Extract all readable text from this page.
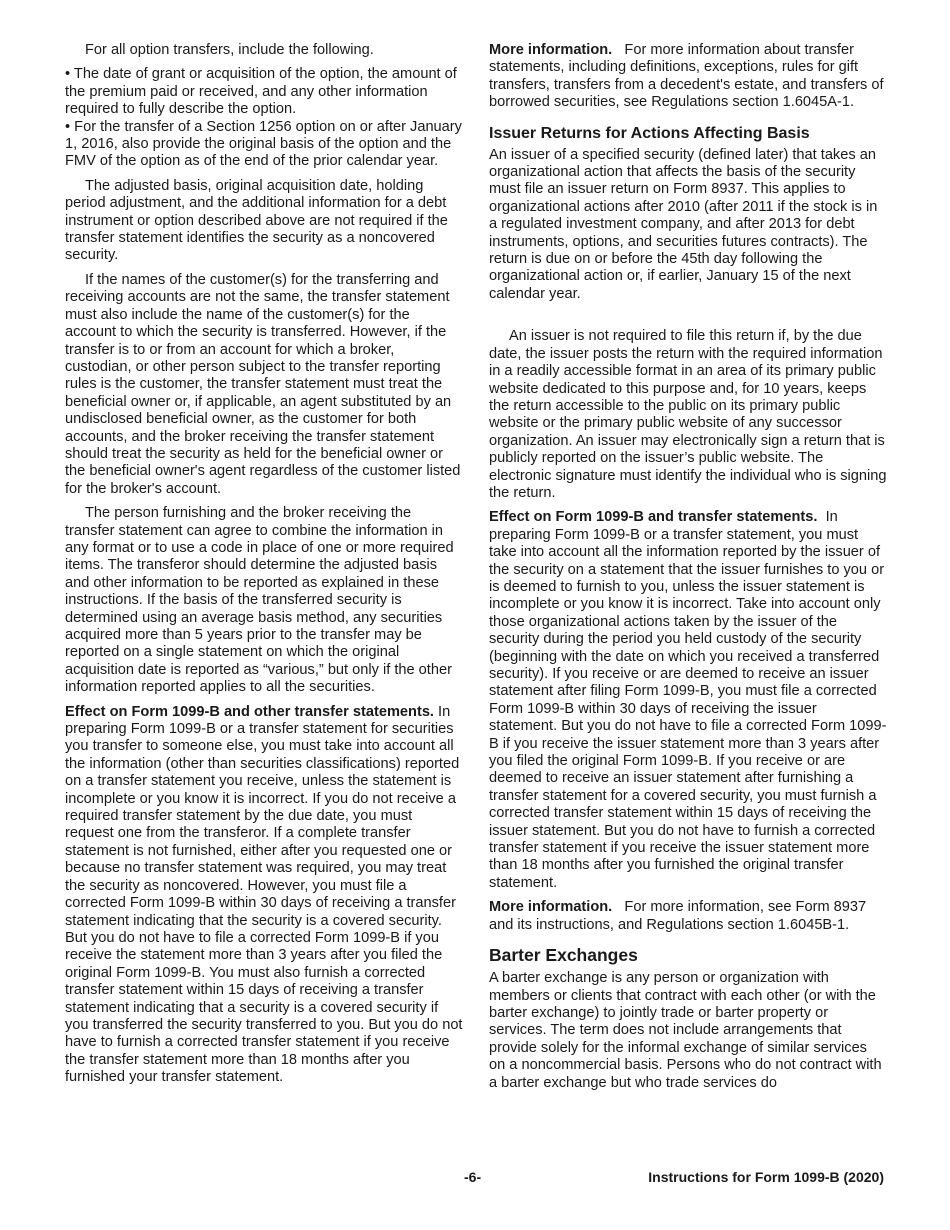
For all option transfers, include the following.

• The date of grant or acquisition of the option, the amount of the premium paid or received, and any other information required to fully describe the option.

• For the transfer of a Section 1256 option on or after January 1, 2016, also provide the original basis of the option and the FMV of the option as of the end of the prior calendar year.

The adjusted basis, original acquisition date, holding period adjustment, and the additional information for a debt instrument or option described above are not required if the transfer statement identifies the security as a noncovered security.

If the names of the customer(s) for the transferring and receiving accounts are not the same, the transfer statement must also include the name of the customer(s) for the account to which the security is transferred. However, if the transfer is to or from an account for which a broker, custodian, or other person subject to the transfer reporting rules is the customer, the transfer statement must treat the beneficial owner or, if applicable, an agent substituted by an undisclosed beneficial owner, as the customer for both accounts, and the broker receiving the transfer statement should treat the security as held for the beneficial owner or the beneficial owner's agent regardless of the customer listed for the broker's account.

The person furnishing and the broker receiving the transfer statement can agree to combine the information in any format or to use a code in place of one or more required items. The transferor should determine the adjusted basis and other information to be reported as explained in these instructions. If the basis of the transferred security is determined using an average basis method, any securities acquired more than 5 years prior to the transfer may be reported on a single statement on which the original acquisition date is reported as “various,” but only if the other information reported applies to all the securities.

Effect on Form 1099-B and other transfer statements. In preparing Form 1099-B or a transfer statement for securities you transfer to someone else, you must take into account all the information (other than securities classifications) reported on a transfer statement you receive, unless the statement is incomplete or you know it is incorrect. If you do not receive a required transfer statement by the due date, you must request one from the transferor. If a complete transfer statement is not furnished, either after you requested one or because no transfer statement was required, you may treat the security as noncovered. However, you must file a corrected Form 1099-B within 30 days of receiving a transfer statement indicating that the security is a covered security. But you do not have to file a corrected Form 1099-B if you receive the statement more than 3 years after you filed the original Form 1099-B. You must also furnish a corrected transfer statement within 15 days of receiving a transfer statement indicating that a security is a covered security if you transferred the security transferred to you. But you do not have to furnish a corrected transfer statement if you receive the transfer statement more than 18 months after you furnished your transfer statement.

More information. For more information about transfer statements, including definitions, exceptions, rules for gift transfers, transfers from a decedent's estate, and transfers of borrowed securities, see Regulations section 1.6045A-1.

Issuer Returns for Actions Affecting Basis

An issuer of a specified security (defined later) that takes an organizational action that affects the basis of the security must file an issuer return on Form 8937. This applies to organizational actions after 2010 (after 2011 if the stock is in a regulated investment company, and after 2013 for debt instruments, options, and securities futures contracts). The return is due on or before the 45th day following the organizational action or, if earlier, January 15 of the next calendar year.

An issuer is not required to file this return if, by the due date, the issuer posts the return with the required information in a readily accessible format in an area of its primary public website dedicated to this purpose and, for 10 years, keeps the return accessible to the public on its primary public website or the primary public website of any successor organization. An issuer may electronically sign a return that is publicly reported on the issuer’s public website. The electronic signature must identify the individual who is signing the return.

Effect on Form 1099-B and transfer statements. In preparing Form 1099-B or a transfer statement, you must take into account all the information reported by the issuer of the security on a statement that the issuer furnishes to you or is deemed to furnish to you, unless the issuer statement is incomplete or you know it is incorrect. Take into account only those organizational actions taken by the issuer of the security during the period you held custody of the security (beginning with the date on which you received a transferred security). If you receive or are deemed to receive an issuer statement after filing Form 1099-B, you must file a corrected Form 1099-B within 30 days of receiving the issuer statement. But you do not have to file a corrected Form 1099-B if you receive the issuer statement more than 3 years after you filed the original Form 1099-B. If you receive or are deemed to receive an issuer statement after furnishing a transfer statement for a covered security, you must furnish a corrected transfer statement within 15 days of receiving the issuer statement. But you do not have to furnish a corrected transfer statement if you receive the issuer statement more than 18 months after you furnished the original transfer statement.

More information. For more information, see Form 8937 and its instructions, and Regulations section 1.6045B-1.

Barter Exchanges

A barter exchange is any person or organization with members or clients that contract with each other (or with the barter exchange) to jointly trade or barter property or services. The term does not include arrangements that provide solely for the informal exchange of similar services on a noncommercial basis. Persons who do not contract with a barter exchange but who trade services do

-6-	Instructions for Form 1099-B (2020)
